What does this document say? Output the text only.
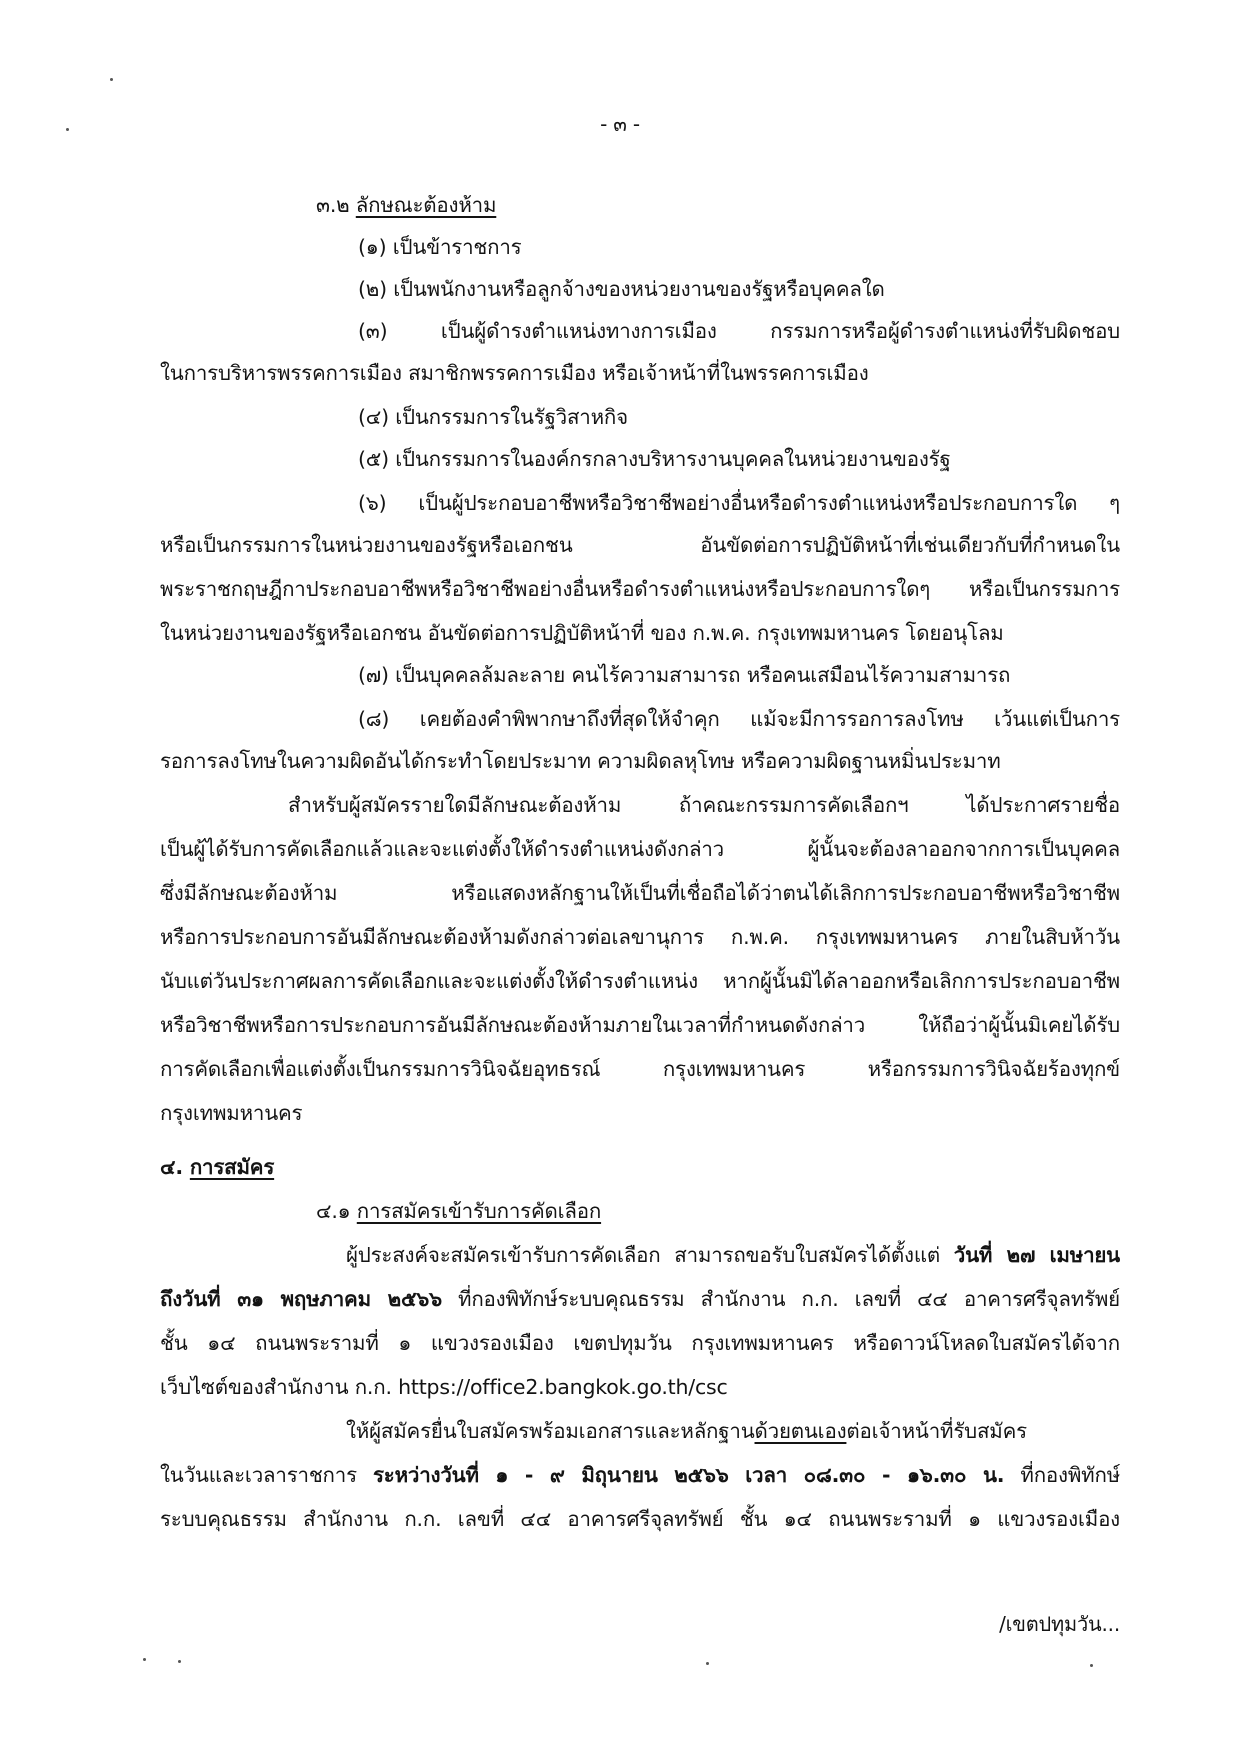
- ๓ -
๓.๒ ลักษณะต้องห้าม
(๑) เป็นข้าราชการ
(๒) เป็นพนักงานหรือลูกจ้างของหน่วยงานของรัฐหรือบุคคลใด
(๓) เป็นผู้ดำรงตำแหน่งทางการเมือง กรรมการหรือผู้ดำรงตำแหน่งที่รับผิดชอบ
ในการบริหารพรรคการเมือง สมาชิกพรรคการเมือง หรือเจ้าหน้าที่ในพรรคการเมือง
(๔) เป็นกรรมการในรัฐวิสาหกิจ
(๕) เป็นกรรมการในองค์กรกลางบริหารงานบุคคลในหน่วยงานของรัฐ
(๖) เป็นผู้ประกอบอาชีพหรือวิชาชีพอย่างอื่นหรือดำรงตำแหน่งหรือประกอบการใด ๆ
หรือเป็นกรรมการในหน่วยงานของรัฐหรือเอกชน อันขัดต่อการปฏิบัติหน้าที่เช่นเดียวกับที่กำหนดใน
พระราชกฤษฎีกาประกอบอาชีพหรือวิชาชีพอย่างอื่นหรือดำรงตำแหน่งหรือประกอบการใดๆ หรือเป็นกรรมการ
ในหน่วยงานของรัฐหรือเอกชน อันขัดต่อการปฏิบัติหน้าที่ ของ ก.พ.ค. กรุงเทพมหานคร โดยอนุโลม
(๗) เป็นบุคคลล้มละลาย คนไร้ความสามารถ หรือคนเสมือนไร้ความสามารถ
(๘) เคยต้องคำพิพากษาถึงที่สุดให้จำคุก แม้จะมีการรอการลงโทษ เว้นแต่เป็นการ
รอการลงโทษในความผิดอันได้กระทำโดยประมาท ความผิดลหุโทษ หรือความผิดฐานหมิ่นประมาท
สำหรับผู้สมัครรายใดมีลักษณะต้องห้าม ถ้าคณะกรรมการคัดเลือกฯ ได้ประกาศรายชื่อ
เป็นผู้ได้รับการคัดเลือกแล้วและจะแต่งตั้งให้ดำรงตำแหน่งดังกล่าว ผู้นั้นจะต้องลาออกจากการเป็นบุคคล
ซึ่งมีลักษณะต้องห้าม หรือแสดงหลักฐานให้เป็นที่เชื่อถือได้ว่าตนได้เลิกการประกอบอาชีพหรือวิชาชีพ
หรือการประกอบการอันมีลักษณะต้องห้ามดังกล่าวต่อเลขานุการ ก.พ.ค. กรุงเทพมหานคร ภายในสิบห้าวัน
นับแต่วันประกาศผลการคัดเลือกและจะแต่งตั้งให้ดำรงตำแหน่ง หากผู้นั้นมิได้ลาออกหรือเลิกการประกอบอาชีพ
หรือวิชาชีพหรือการประกอบการอันมีลักษณะต้องห้ามภายในเวลาที่กำหนดดังกล่าว ให้ถือว่าผู้นั้นมิเคยได้รับ
การคัดเลือกเพื่อแต่งตั้งเป็นกรรมการวินิจฉัยอุทธรณ์ กรุงเทพมหานคร หรือกรรมการวินิจฉัยร้องทุกข์
กรุงเทพมหานคร
๔. การสมัคร
๔.๑ การสมัครเข้ารับการคัดเลือก
ผู้ประสงค์จะสมัครเข้ารับการคัดเลือก สามารถขอรับใบสมัครได้ตั้งแต่ วันที่ ๒๗ เมษายน
ถึงวันที่ ๓๑ พฤษภาคม ๒๕๖๖ ที่กองพิทักษ์ระบบคุณธรรม สำนักงาน ก.ก. เลขที่ ๔๔ อาคารศรีจุลทรัพย์
ชั้น ๑๔ ถนนพระรามที่ ๑ แขวงรองเมือง เขตปทุมวัน กรุงเทพมหานคร หรือดาวน์โหลดใบสมัครได้จาก
เว็บไซต์ของสำนักงาน ก.ก. https://office2.bangkok.go.th/csc
ให้ผู้สมัครยื่นใบสมัครพร้อมเอกสารและหลักฐานด้วยตนเองต่อเจ้าหน้าที่รับสมัคร
ในวันและเวลาราชการ ระหว่างวันที่ ๑ - ๙ มิถุนายน ๒๕๖๖ เวลา ๐๘.๓๐ - ๑๖.๓๐ น. ที่กองพิทักษ์
ระบบคุณธรรม สำนักงาน ก.ก. เลขที่ ๔๔ อาคารศรีจุลทรัพย์ ชั้น ๑๔ ถนนพระรามที่ ๑ แขวงรองเมือง
/เขตปทุมวัน...
